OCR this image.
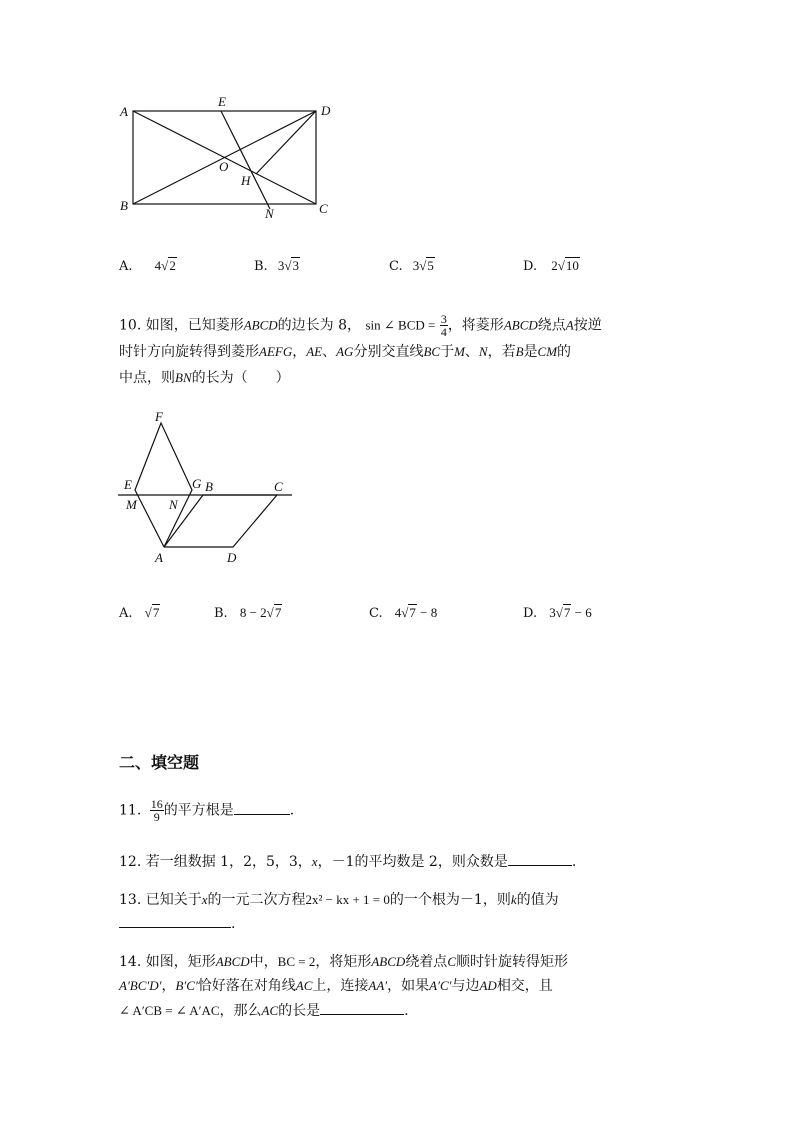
A
B	C
D
E
O
H
N
A. 4√2	B. 3√3	C. 3√5	D. 2√10
10. 如图，已知菱形ABCD的边长为 8， sin ∠ BCD = $\frac{3}{4}$ ，将菱形ABCD绕点A按逆
时针方向旋转得到菱形AEFG，AE、AG分别交直线BC于M、N，若B是CM的
中点，则BN的长为（　　）
F
E	G B	C
M N
A	D
A. √7	B. 8 − 2√7	C. 4√7 − 8	D. 3√7 − 6
二、填空题
11. $\frac{16}{9}$ 的平方根是	.
12. 若一组数据 1，2，5，3，x，－1的平均数是 2，则众数是	.
13. 已知关于x的一元二次方程2x² − kx + 1 = 0的一个根为－1，则k的值为
.
14. 如图，矩形ABCD中，BC = 2，将矩形ABCD绕着点C顺时针旋转得矩形
A′BC′D′，B′C′恰好落在对角线AC上，连接AA′，如果A′C′与边AD相交，且
∠ A′CB = ∠ A′AC，那么AC的长是	.
